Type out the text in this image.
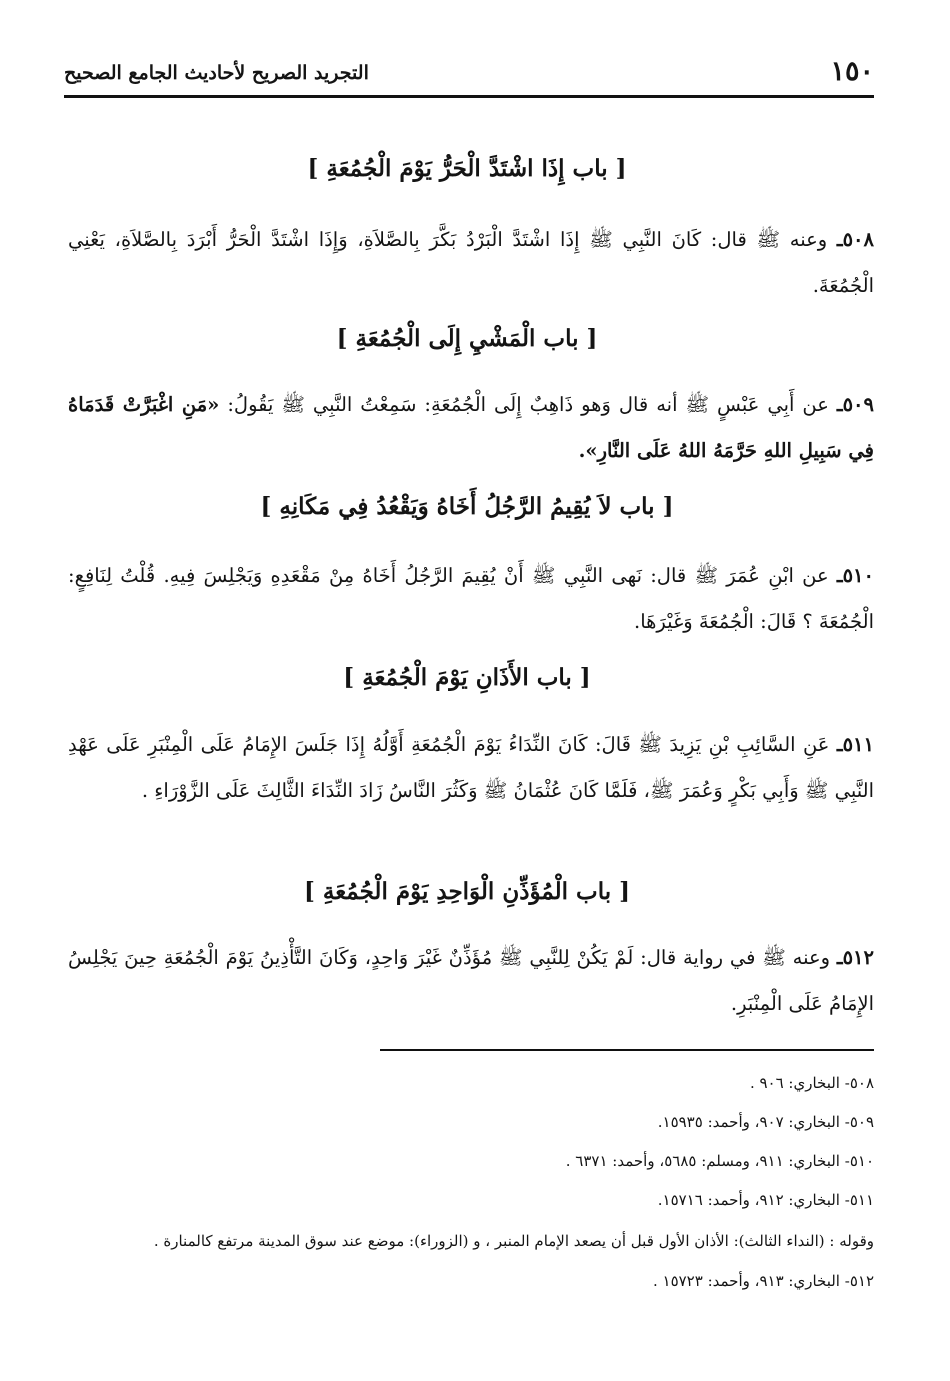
١٥٠
التجريد الصريح لأحاديث الجامع الصحيح
[ باب إِذَا اشْتَدَّ الْحَرُّ يَوْمَ الْجُمُعَةِ ]
٥٠٨ـ وعنه ﷺ قال: كَانَ النَّبِي ﷺ إِذَا اشْتَدَّ الْبَرْدُ بَكَّرَ بِالصَّلاَةِ، وَإِذَا اشْتَدَّ الْحَرُّ أَبْرَدَ بِالصَّلاَةِ، يَعْنِي الْجُمُعَةَ.
[ باب الْمَشْيِ إِلَى الْجُمُعَةِ ]
٥٠٩ـ عن أَبِي عَبْسٍ ﷺ أنه قال وَهو ذَاهِبٌ إِلَى الْجُمُعَةِ: سَمِعْتُ النَّبِي ﷺ يَقُولُ: «مَنِ اغْبَرَّتْ قَدَمَاهُ فِي سَبِيلِ اللهِ حَرَّمَهُ اللهُ عَلَى النَّارِ».
[ باب لاَ يُقِيمُ الرَّجُلُ أَخَاهُ وَيَقْعُدُ فِي مَكَانِهِ ]
٥١٠ـ عن ابْنِ عُمَرَ ﷺ قال: نَهى النَّبِي ﷺ أَنْ يُقِيمَ الرَّجُلُ أَخَاهُ مِنْ مَقْعَدِهِ وَيَجْلِسَ فِيهِ. قُلْتُ لِنَافِعٍ: الْجُمُعَةَ ؟ قَالَ: الْجُمُعَةَ وَغَيْرَهَا.
[ باب الأَذَانِ يَوْمَ الْجُمُعَةِ ]
٥١١ـ عَنِ السَّائِبِ بْنِ يَزِيدَ ﷺ قَالَ: كَانَ النِّدَاءُ يَوْمَ الْجُمُعَةِ أَوَّلُهُ إِذَا جَلَسَ الإِمَامُ عَلَى الْمِنْبَرِ عَلَى عَهْدِ النَّبِي ﷺ وَأَبِي بَكْرٍ وَعُمَرَ ﷺ، فَلَمَّا كَانَ عُثْمَانُ ﷺ وَكَثُرَ النَّاسُ زَادَ النِّدَاءَ الثَّالِثَ عَلَى الزَّوْرَاءِ .
[ باب الْمُؤَذِّنِ الْوَاحِدِ يَوْمَ الْجُمُعَةِ ]
٥١٢ـ وعنه ﷺ في رواية قال: لَمْ يَكُنْ لِلنَّبِي ﷺ مُؤَذِّنٌ غَيْرَ وَاحِدٍ، وَكَانَ التَّأْذِينُ يَوْمَ الْجُمُعَةِ حِينَ يَجْلِسُ الإِمَامُ عَلَى الْمِنْبَرِ.
٥٠٨- البخاري: ٩٠٦ .
٥٠٩- البخاري: ٩٠٧، وأحمد: ١٥٩٣٥.
٥١٠- البخاري: ٩١١، ومسلم: ٥٦٨٥، وأحمد: ٦٣٧١ .
٥١١- البخاري: ٩١٢، وأحمد: ١٥٧١٦.
وقوله : (النداء الثالث): الأذان الأول قبل أن يصعد الإمام المنبر ، و (الزوراء): موضع عند سوق المدينة مرتفع كالمنارة .
٥١٢- البخاري: ٩١٣، وأحمد: ١٥٧٢٣ .
